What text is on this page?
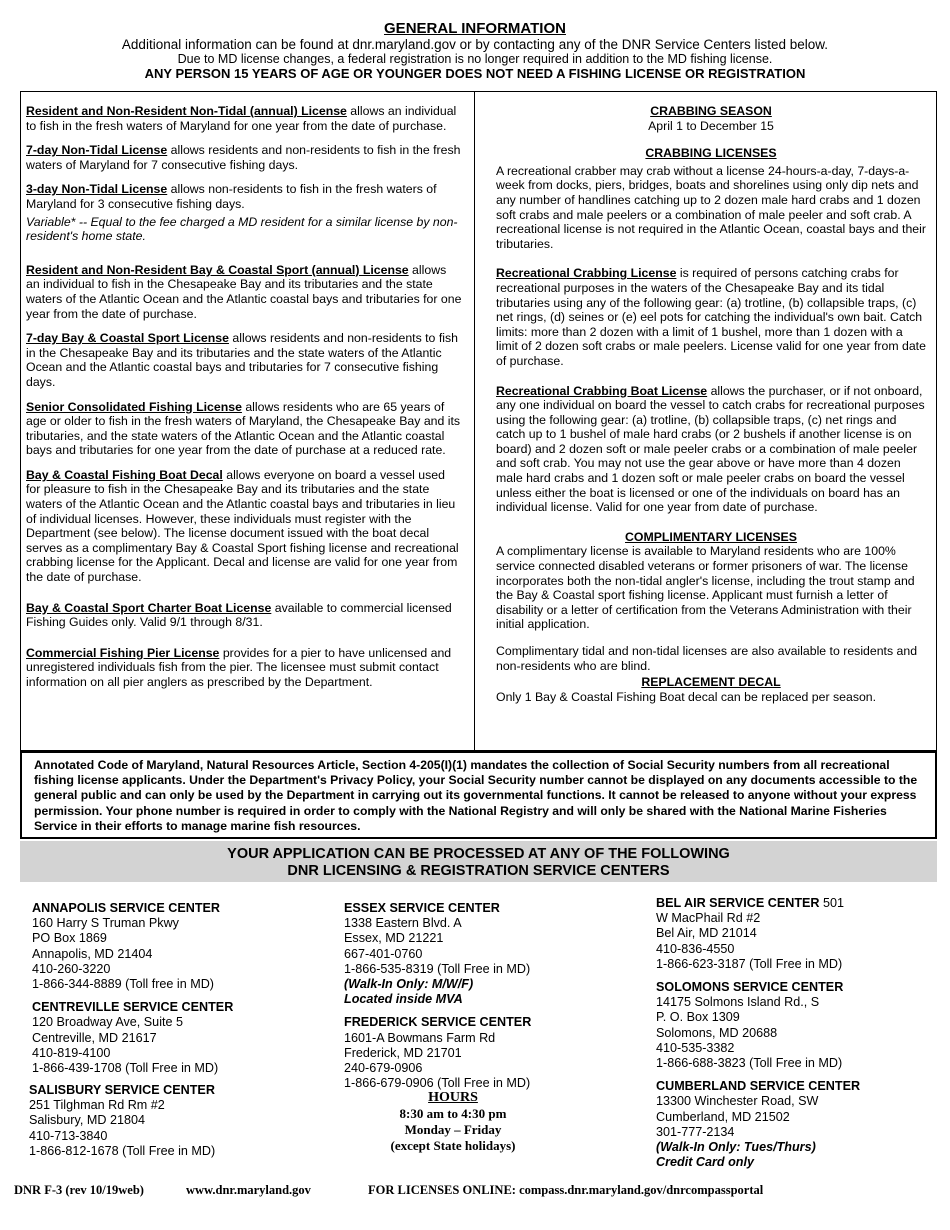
GENERAL INFORMATION
Additional information can be found at dnr.maryland.gov or by contacting any of the DNR Service Centers listed below.
Due to MD license changes, a federal registration is no longer required in addition to the MD fishing license.
ANY PERSON 15 YEARS OF AGE OR YOUNGER DOES NOT NEED A FISHING LICENSE OR REGISTRATION

Resident and Non-Resident Non-Tidal (annual) License allows an individual to fish in the fresh waters of Maryland for one year from the date of purchase.

7-day Non-Tidal License allows residents and non-residents to fish in the fresh waters of Maryland for 7 consecutive fishing days.

3-day Non-Tidal License allows non-residents to fish in the fresh waters of Maryland for 3 consecutive fishing days.

Variable* -- Equal to the fee charged a MD resident for a similar license by non-resident's home state.

Resident and Non-Resident Bay & Coastal Sport (annual) License allows an individual to fish in the Chesapeake Bay and its tributaries and the state waters of the Atlantic Ocean and the Atlantic coastal bays and tributaries for one year from the date of purchase.

7-day Bay & Coastal Sport License allows residents and non-residents to fish in the Chesapeake Bay and its tributaries and the state waters of the Atlantic Ocean and the Atlantic coastal bays and tributaries for 7 consecutive fishing days.

Senior Consolidated Fishing License allows residents who are 65 years of age or older to fish in the fresh waters of Maryland, the Chesapeake Bay and its tributaries, and the state waters of the Atlantic Ocean and the Atlantic coastal bays and tributaries for one year from the date of purchase at a reduced rate.

Bay & Coastal Fishing Boat Decal allows everyone on board a vessel used for pleasure to fish in the Chesapeake Bay and its tributaries and the state waters of the Atlantic Ocean and the Atlantic coastal bays and tributaries in lieu of individual licenses. However, these individuals must register with the Department (see below). The license document issued with the boat decal serves as a complimentary Bay & Coastal Sport fishing license and recreational crabbing license for the Applicant. Decal and license are valid for one year from the date of purchase.

Bay & Coastal Sport Charter Boat License available to commercial licensed Fishing Guides only. Valid 9/1 through 8/31.

Commercial Fishing Pier License provides for a pier to have unlicensed and unregistered individuals fish from the pier. The licensee must submit contact information on all pier anglers as prescribed by the Department.

CRABBING SEASON

April 1 to December 15

CRABBING LICENSES

A recreational crabber may crab without a license 24-hours-a-day, 7-days-a-week from docks, piers, bridges, boats and shorelines using only dip nets and any number of handlines catching up to 2 dozen male hard crabs and 1 dozen soft crabs and male peelers or a combination of male peeler and soft crab. A recreational license is not required in the Atlantic Ocean, coastal bays and their tributaries.

Recreational Crabbing License is required of persons catching crabs for recreational purposes in the waters of the Chesapeake Bay and its tidal tributaries using any of the following gear: (a) trotline, (b) collapsible traps, (c) net rings, (d) seines or (e) eel pots for catching the individual's own bait. Catch limits: more than 2 dozen with a limit of 1 bushel, more than 1 dozen with a limit of 2 dozen soft crabs or male peelers. License valid for one year from date of purchase.

Recreational Crabbing Boat License allows the purchaser, or if not onboard, any one individual on board the vessel to catch crabs for recreational purposes using the following gear: (a) trotline, (b) collapsible traps, (c) net rings and catch up to 1 bushel of male hard crabs (or 2 bushels if another license is on board) and 2 dozen soft or male peeler crabs or a combination of male peeler and soft crab. You may not use the gear above or have more than 4 dozen male hard crabs and 1 dozen soft or male peeler crabs on board the vessel unless either the boat is licensed or one of the individuals on board has an individual license. Valid for one year from date of purchase.

COMPLIMENTARY LICENSES

A complimentary license is available to Maryland residents who are 100% service connected disabled veterans or former prisoners of war. The license incorporates both the non-tidal angler's license, including the trout stamp and the Bay & Coastal sport fishing license. Applicant must furnish a letter of disability or a letter of certification from the Veterans Administration with their initial application.

Complimentary tidal and non-tidal licenses are also available to residents and non-residents who are blind.

REPLACEMENT DECAL

Only 1 Bay & Coastal Fishing Boat decal can be replaced per season.

Annotated Code of Maryland, Natural Resources Article, Section 4-205(I)(1) mandates the collection of Social Security numbers from all recreational fishing license applicants. Under the Department's Privacy Policy, your Social Security number cannot be displayed on any documents accessible to the general public and can only be used by the Department in carrying out its governmental functions. It cannot be released to anyone without your express permission. Your phone number is required in order to comply with the National Registry and will only be shared with the National Marine Fisheries Service in their efforts to manage marine fish resources.
YOUR APPLICATION CAN BE PROCESSED AT ANY OF THE FOLLOWING
DNR LICENSING & REGISTRATION SERVICE CENTERS
ANNAPOLIS SERVICE CENTER
160 Harry S Truman Pkwy
PO Box 1869
Annapolis, MD 21404
410-260-3220
1-866-344-8889 (Toll free in MD)
CENTREVILLE SERVICE CENTER
120 Broadway Ave, Suite 5
Centreville, MD 21617
410-819-4100
1-866-439-1708 (Toll Free in MD)
SALISBURY SERVICE CENTER
251 Tilghman Rd Rm #2
Salisbury, MD 21804
410-713-3840
1-866-812-1678 (Toll Free in MD)
ESSEX SERVICE CENTER
1338 Eastern Blvd. A
Essex, MD 21221
667-401-0760
1-866-535-8319 (Toll Free in MD)
(Walk-In Only: M/W/F)
Located inside MVA
FREDERICK SERVICE CENTER
1601-A Bowmans Farm Rd
Frederick, MD 21701
240-679-0906
1-866-679-0906 (Toll Free in MD)
HOURS
8:30 am to 4:30 pm
Monday – Friday
(except State holidays)
BEL AIR SERVICE CENTER 501
W MacPhail Rd #2
Bel Air, MD 21014
410-836-4550
1-866-623-3187 (Toll Free in MD)
SOLOMONS SERVICE CENTER
14175 Solmons Island Rd., S
P. O. Box 1309
Solomons, MD 20688
410-535-3382
1-866-688-3823 (Toll Free in MD)
CUMBERLAND SERVICE CENTER
13300 Winchester Road, SW
Cumberland, MD 21502
301-777-2134
(Walk-In Only: Tues/Thurs)
Credit Card only
DNR F-3 (rev 10/19web)	www.dnr.maryland.gov	FOR LICENSES ONLINE: compass.dnr.maryland.gov/dnrcompassportal
